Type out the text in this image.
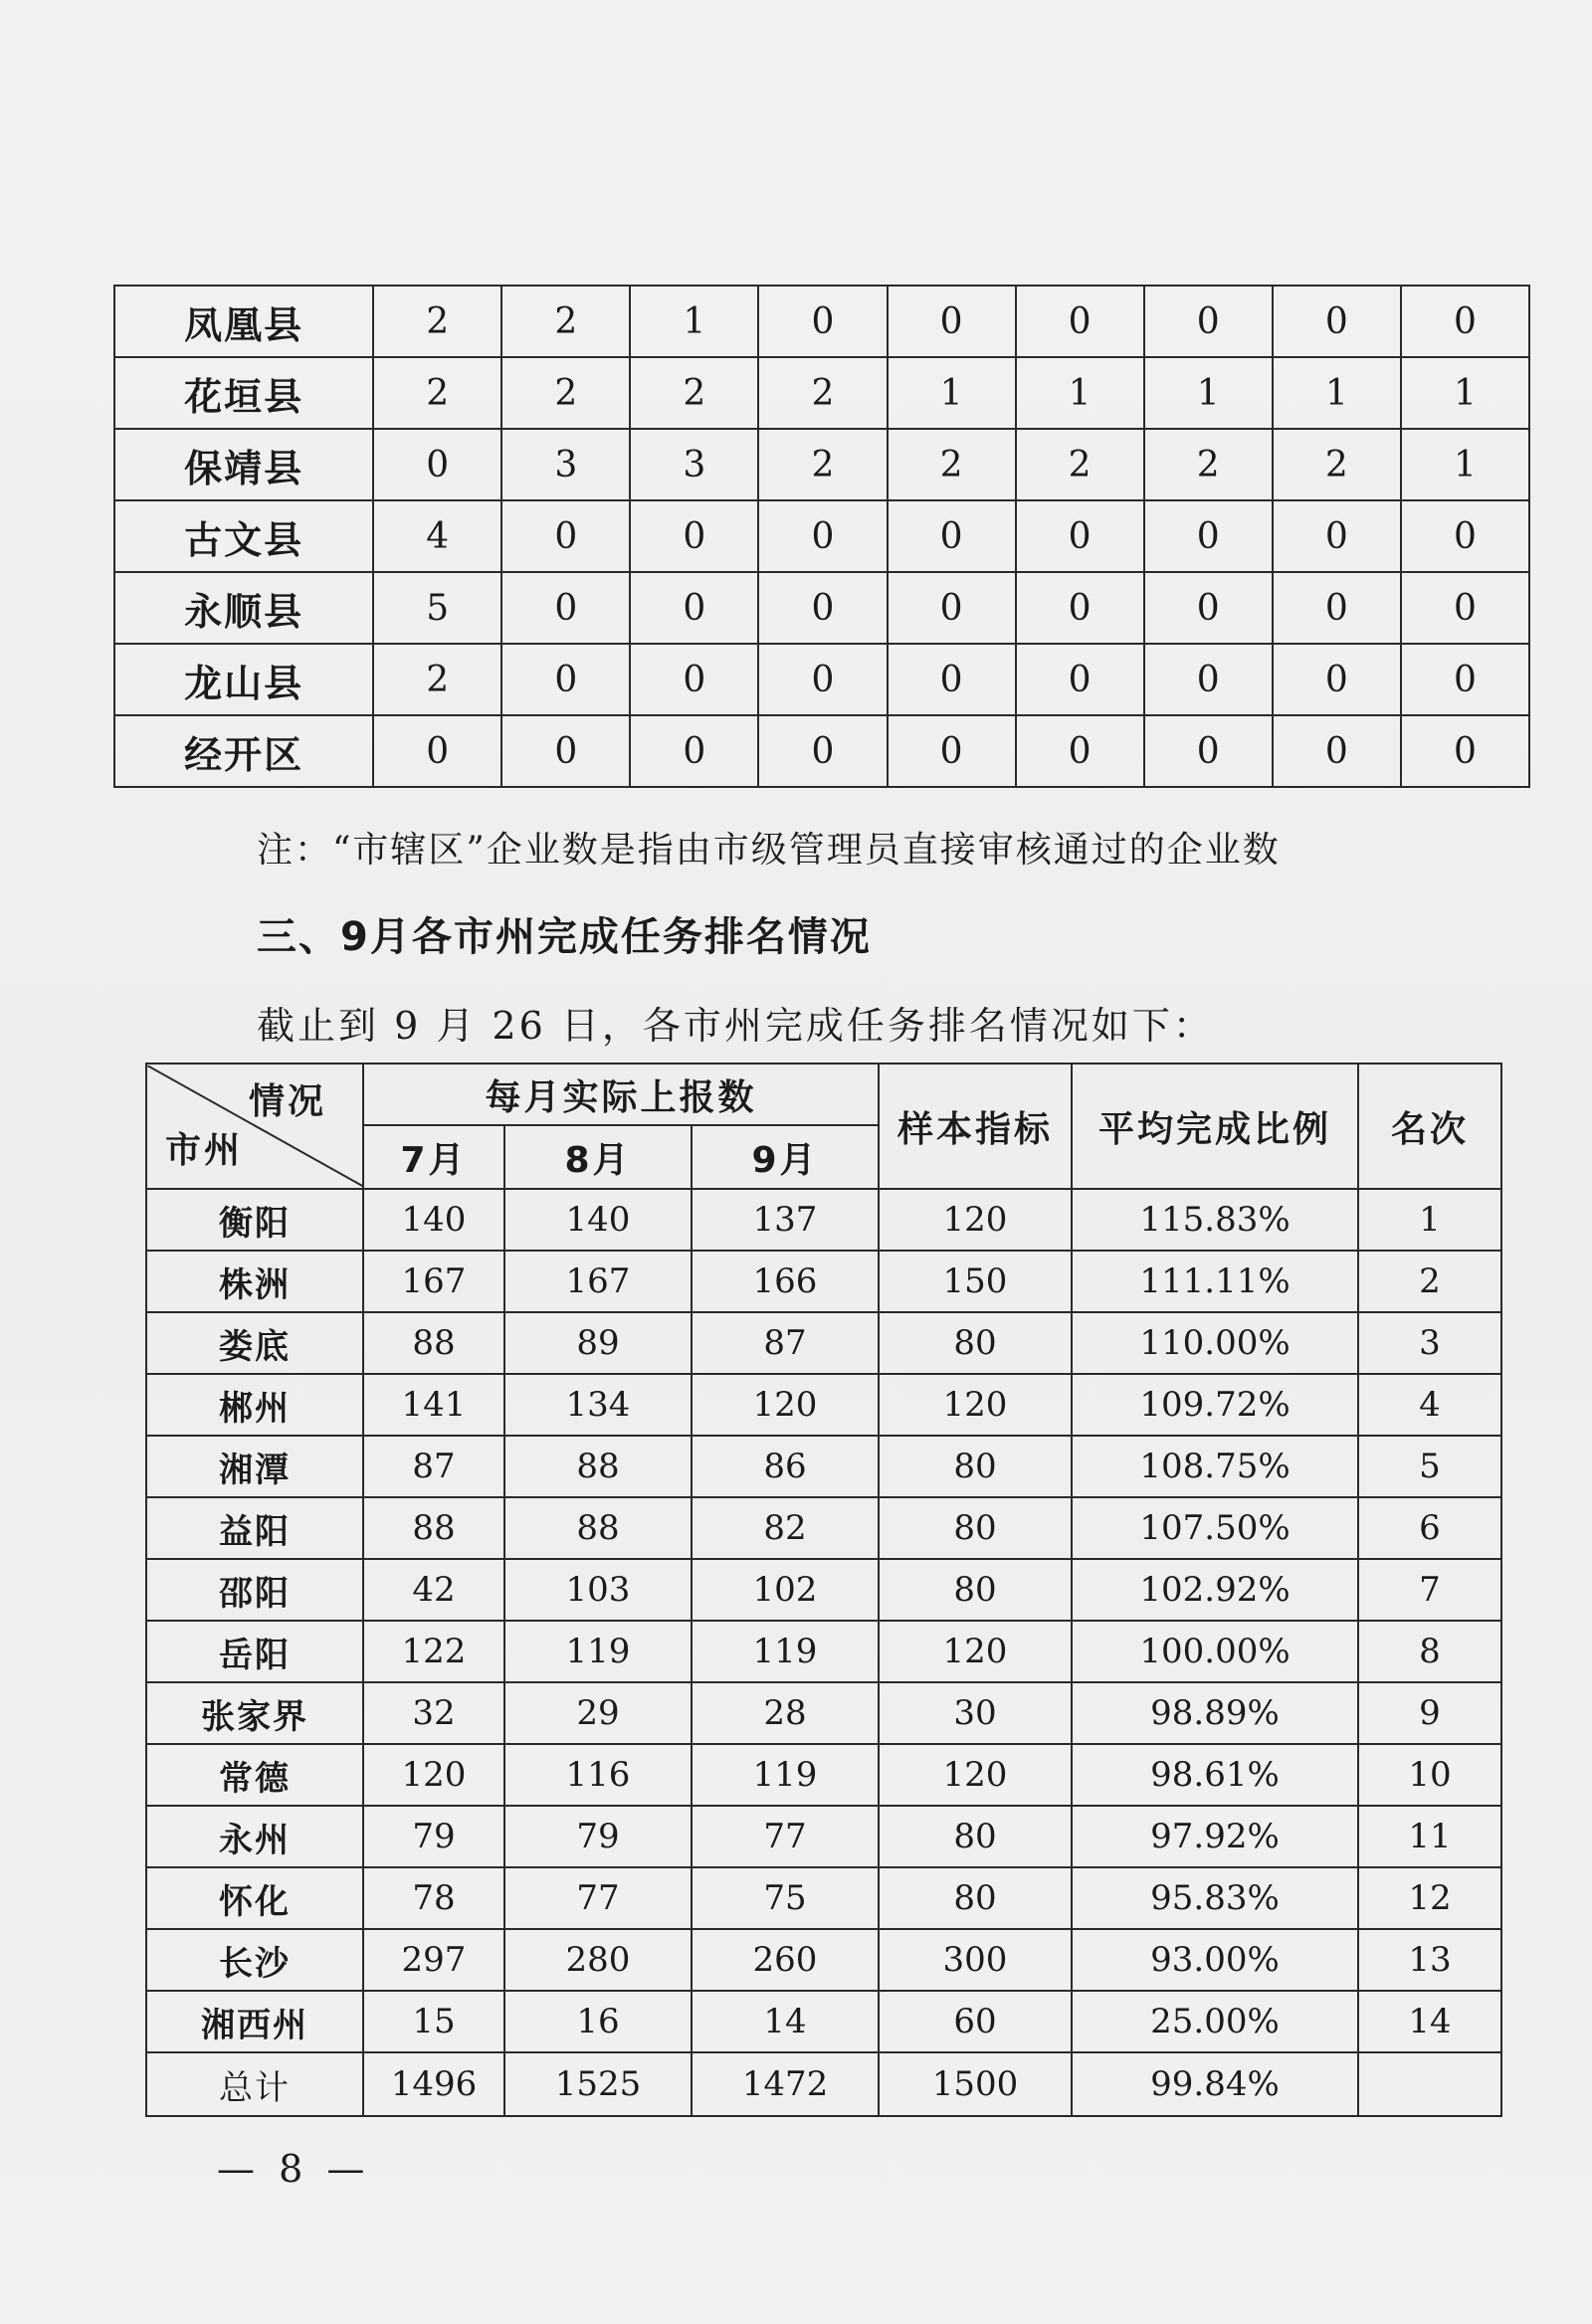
凤凰县	2	2	1	0	0	0	0	0	0
花垣县	2	2	2	2	1	1	1	1	1
保靖县	0	3	3	2	2	2	2	2	1
古文县	4	0	0	0	0	0	0	0	0
永顺县	5	0	0	0	0	0	0	0	0
龙山县	2	0	0	0	0	0	0	0	0
经开区	0	0	0	0	0	0	0	0	0
注：“市辖区”企业数是指由市级管理员直接审核通过的企业数
三、9月各市州完成任务排名情况
截止到 9 月 26 日，各市州完成任务排名情况如下：
情况
市州	每月实际上报数			样本指标	平均完成比例	名次
	7月	8月	9月			
衡阳	140	140	137	120	115.83%	1
株洲	167	167	166	150	111.11%	2
娄底	88	89	87	80	110.00%	3
郴州	141	134	120	120	109.72%	4
湘潭	87	88	86	80	108.75%	5
益阳	88	88	82	80	107.50%	6
邵阳	42	103	102	80	102.92%	7
岳阳	122	119	119	120	100.00%	8
张家界	32	29	28	30	98.89%	9
常德	120	116	119	120	98.61%	10
永州	79	79	77	80	97.92%	11
怀化	78	77	75	80	95.83%	12
长沙	297	280	260	300	93.00%	13
湘西州	15	16	14	60	25.00%	14
总计	1496	1525	1472	1500	99.84%	
— 8 —
